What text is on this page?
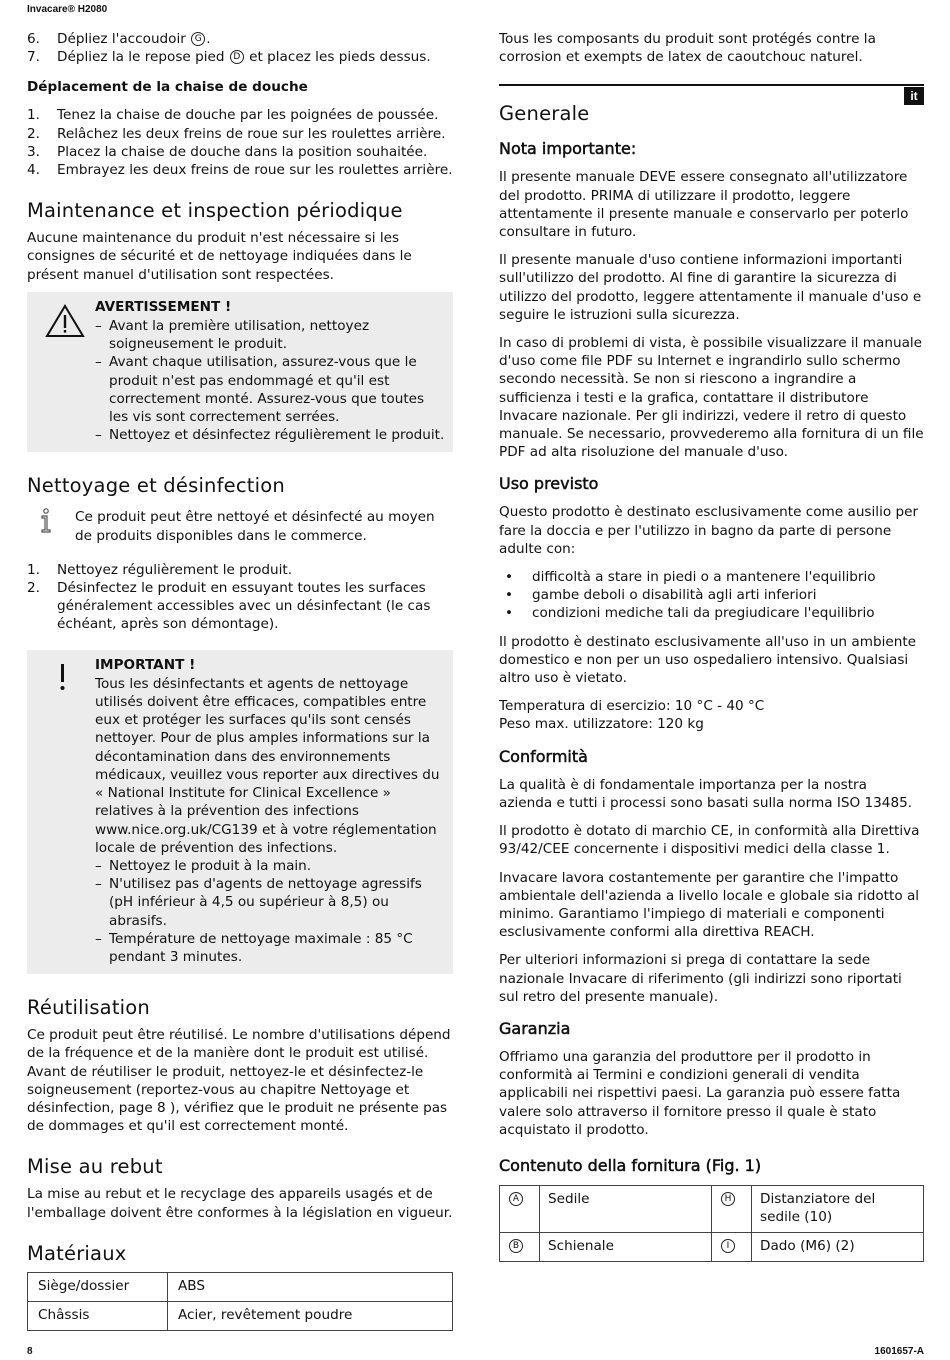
Invacare® H2080
6.	Dépliez l'accoudoir G .
7.	Dépliez la le repose pied D et placez les pieds dessus.
Déplacement de la chaise de douche
1.	Tenez la chaise de douche par les poignées de poussée.
2.	Relâchez les deux freins de roue sur les roulettes arrière.
3.	Placez la chaise de douche dans la position souhaitée.
4.	Embrayez les deux freins de roue sur les roulettes arrière.
Maintenance et inspection périodique
Aucune maintenance du produit n'est nécessaire si les consignes de sécurité et de nettoyage indiquées dans le présent manuel d'utilisation sont respectées.
AVERTISSEMENT !
– Avant la première utilisation, nettoyez soigneusement le produit.
– Avant chaque utilisation, assurez-vous que le produit n'est pas endommagé et qu'il est correctement monté. Assurez-vous que toutes les vis sont correctement serrées.
– Nettoyez et désinfectez régulièrement le produit.
Nettoyage et désinfection
Ce produit peut être nettoyé et désinfecté au moyen de produits disponibles dans le commerce.
1.	Nettoyez régulièrement le produit.
2.	Désinfectez le produit en essuyant toutes les surfaces généralement accessibles avec un désinfectant (le cas échéant, après son démontage).
IMPORTANT !
Tous les désinfectants et agents de nettoyage utilisés doivent être efficaces, compatibles entre eux et protéger les surfaces qu'ils sont censés nettoyer. Pour de plus amples informations sur la décontamination dans des environnements médicaux, veuillez vous reporter aux directives du « National Institute for Clinical Excellence » relatives à la prévention des infections www.nice.org.uk/CG139 et à votre réglementation locale de prévention des infections.
– Nettoyez le produit à la main.
– N'utilisez pas d'agents de nettoyage agressifs (pH inférieur à 4,5 ou supérieur à 8,5) ou abrasifs.
– Température de nettoyage maximale : 85 °C pendant 3 minutes.
Réutilisation
Ce produit peut être réutilisé. Le nombre d'utilisations dépend de la fréquence et de la manière dont le produit est utilisé. Avant de réutiliser le produit, nettoyez-le et désinfectez-le soigneusement (reportez-vous au chapitre Nettoyage et désinfection, page 8 ), vérifiez que le produit ne présente pas de dommages et qu'il est correctement monté.
Mise au rebut
La mise au rebut et le recyclage des appareils usagés et de l'emballage doivent être conformes à la législation en vigueur.
Matériaux
Siège/dossier	ABS
Châssis	Acier, revêtement poudre
Tous les composants du produit sont protégés contre la corrosion et exempts de latex de caoutchouc naturel.
Generale
Nota importante:
Il presente manuale DEVE essere consegnato all'utilizzatore del prodotto. PRIMA di utilizzare il prodotto, leggere attentamente il presente manuale e conservarlo per poterlo consultare in futuro.
Il presente manuale d'uso contiene informazioni importanti sull'utilizzo del prodotto. Al fine di garantire la sicurezza di utilizzo del prodotto, leggere attentamente il manuale d'uso e seguire le istruzioni sulla sicurezza.
In caso di problemi di vista, è possibile visualizzare il manuale d'uso come file PDF su Internet e ingrandirlo sullo schermo secondo necessità. Se non si riescono a ingrandire a sufficienza i testi e la grafica, contattare il distributore Invacare nazionale. Per gli indirizzi, vedere il retro di questo manuale. Se necessario, provvederemo alla fornitura di un file PDF ad alta risoluzione del manuale d'uso.
Uso previsto
Questo prodotto è destinato esclusivamente come ausilio per fare la doccia e per l'utilizzo in bagno da parte di persone adulte con:
•	difficoltà a stare in piedi o a mantenere l'equilibrio
•	gambe deboli o disabilità agli arti inferiori
•	condizioni mediche tali da pregiudicare l'equilibrio
Il prodotto è destinato esclusivamente all'uso in un ambiente domestico e non per un uso ospedaliero intensivo. Qualsiasi altro uso è vietato.
Temperatura di esercizio: 10 °C - 40 °C
Peso max. utilizzatore: 120 kg
Conformità
La qualità è di fondamentale importanza per la nostra azienda e tutti i processi sono basati sulla norma ISO 13485.
Il prodotto è dotato di marchio CE, in conformità alla Direttiva 93/42/CEE concernente i dispositivi medici della classe 1.
Invacare lavora costantemente per garantire che l'impatto ambientale dell'azienda a livello locale e globale sia ridotto al minimo. Garantiamo l'impiego di materiali e componenti esclusivamente conformi alla direttiva REACH.
Per ulteriori informazioni si prega di contattare la sede nazionale Invacare di riferimento (gli indirizzi sono riportati sul retro del presente manuale).
Garanzia
Offriamo una garanzia del produttore per il prodotto in conformità ai Termini e condizioni generali di vendita applicabili nei rispettivi paesi. La garanzia può essere fatta valere solo attraverso il fornitore presso il quale è stato acquistato il prodotto.
Contenuto della fornitura (Fig. 1)
A	Sedile	H	Distanziatore del sedile (10)
B	Schienale	I	Dado (M6) (2)
it
8	1601657-A
